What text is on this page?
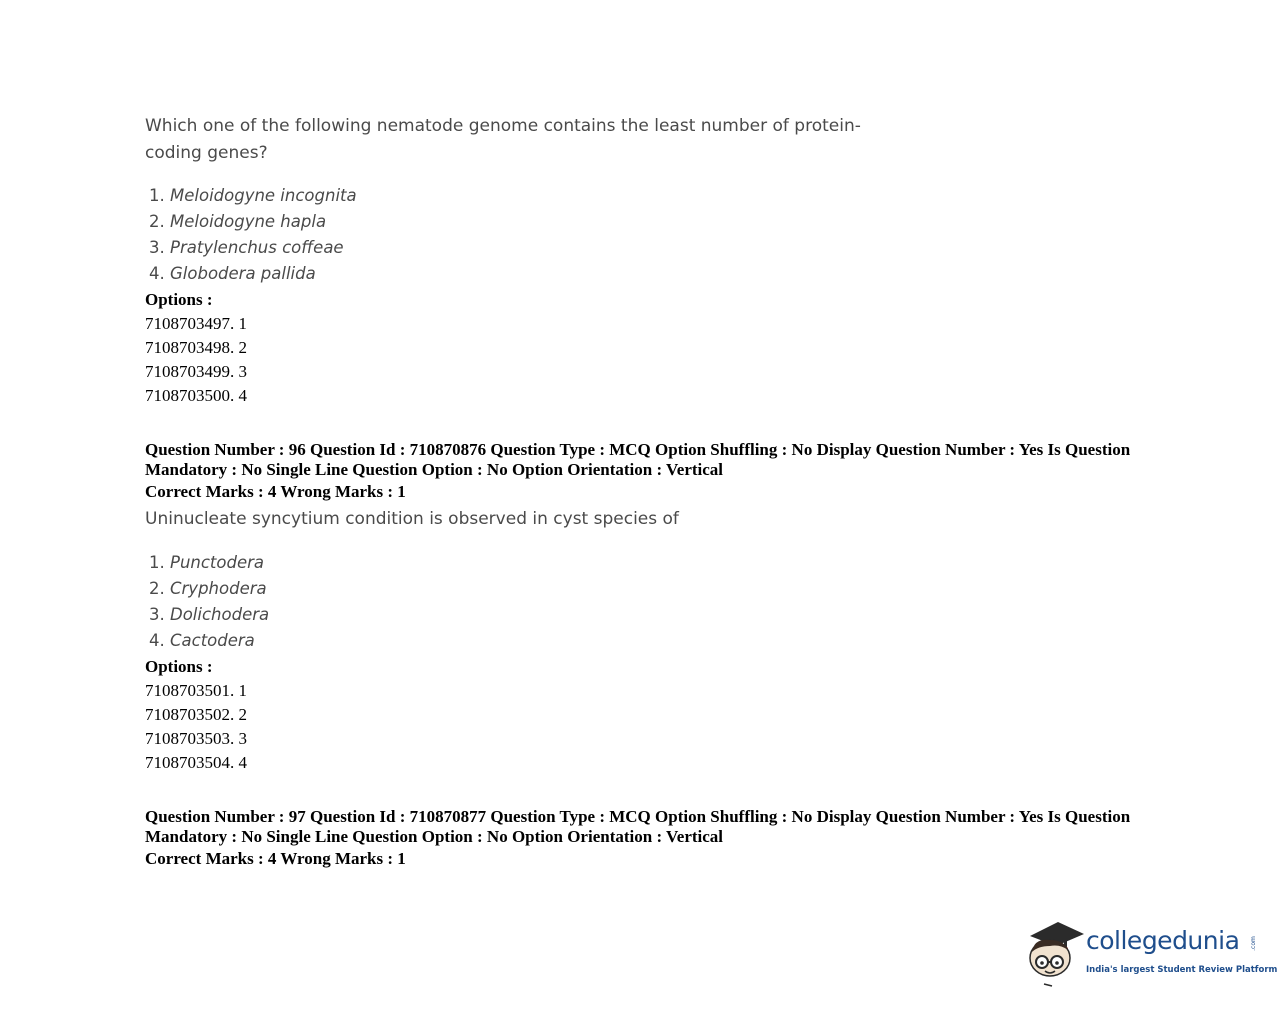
Which one of the following nematode genome contains the least number of protein-coding genes?

1. Meloidogyne incognita
2. Meloidogyne hapla
3. Pratylenchus coffeae
4. Globodera pallida
Options :
7108703497. 1
7108703498. 2
7108703499. 3
7108703500. 4

Question Number : 96 Question Id : 710870876 Question Type : MCQ Option Shuffling : No Display Question Number : Yes Is Question Mandatory : No Single Line Question Option : No Option Orientation : Vertical

Correct Marks : 4 Wrong Marks : 1

Uninucleate syncytium condition is observed in cyst species of

1. Punctodera
2. Cryphodera
3. Dolichodera
4. Cactodera
Options :
7108703501. 1
7108703502. 2
7108703503. 3
7108703504. 4

Question Number : 97 Question Id : 710870877 Question Type : MCQ Option Shuffling : No Display Question Number : Yes Is Question Mandatory : No Single Line Question Option : No Option Orientation : Vertical

Correct Marks : 4 Wrong Marks : 1
collegedunia .com
India's largest Student Review Platform
